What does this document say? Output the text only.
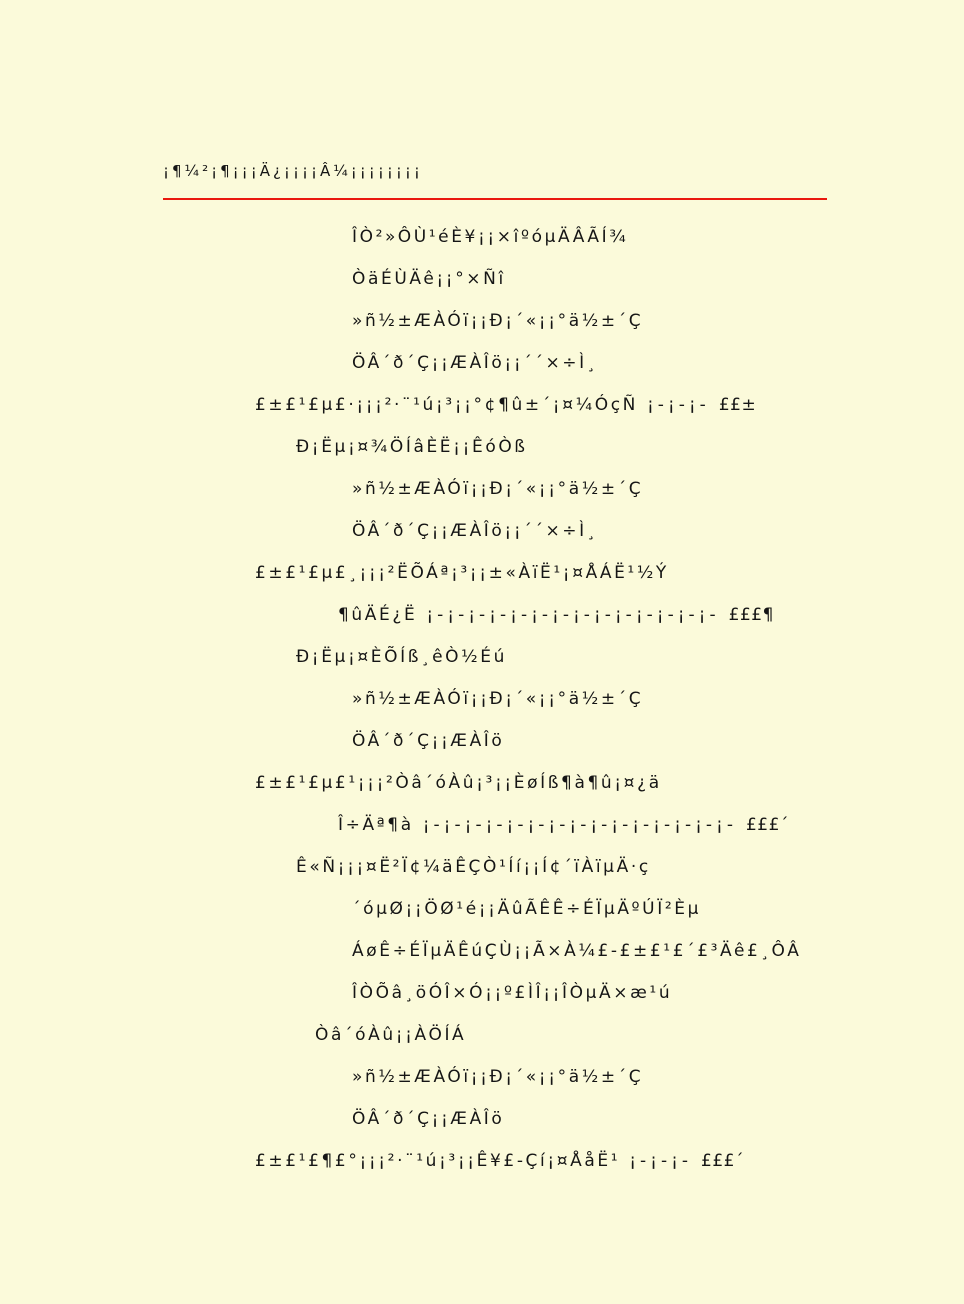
¡¶¼²¡¶¡¡¡Ä¿¡¡¡¡Â¼¡¡¡¡¡¡¡¡
ÎÒ²»ÔÙ¹éÈ¥¡¡×îºóµÄÂÃÍ¾
ÒäÉÙÄê¡¡°×Ñî
»ñ½±ÆÀÓï¡¡Ð¡´«¡¡°ä½±´Ç
ÖÂ´ð´Ç¡¡ÆÀÎö¡¡´´×÷Ì¸
£±£¹£µ£·¡¡¡²·¨¹ú¡³¡¡°¢¶û±´¡¤¼ÓçÑ ¡-¡-¡- ££±
Ð¡Ëµ¡¤¾ÖÍâÈË¡¡ÊóÒß
»ñ½±ÆÀÓï¡¡Ð¡´«¡¡°ä½±´Ç
ÖÂ´ð´Ç¡¡ÆÀÎö¡¡´´×÷Ì¸
£±£¹£µ£¸¡¡¡²ËÕÁª¡³¡¡±«ÀïË¹¡¤ÅÁË¹½Ý
¶ûÄÉ¿Ë ¡-¡-¡-¡-¡-¡-¡-¡-¡-¡-¡-¡-¡-¡- £££¶
Ð¡Ëµ¡¤ÈÕÍß¸êÒ½Éú
»ñ½±ÆÀÓï¡¡Ð¡´«¡¡°ä½±´Ç
ÖÂ´ð´Ç¡¡ÆÀÎö
£±£¹£µ£¹¡¡¡²Òâ´óÀû¡³¡¡ÈøÍß¶à¶û¡¤¿ä
Î÷Äª¶à ¡-¡-¡-¡-¡-¡-¡-¡-¡-¡-¡-¡-¡-¡-¡- £££´
Ê«Ñ¡¡¡¤Ë²Ï¢¼äÊÇÒ¹Íí¡¡Í¢´ïÀïµÄ·ç
´óµØ¡¡ÖØ¹é¡¡ÄûÃÊÊ÷ÉÏµÄºÚÏ²Èµ
ÁøÊ÷ÉÏµÄÊúÇÙ¡¡Ã×À¼£-£±£¹£´£³Äê£¸ÔÂ
ÎÒÕâ¸öÓÎ×Ó¡¡º£ÌÎ¡¡ÎÒµÄ×æ¹ú
Òâ´óÀû¡¡ÀÖÍÁ
»ñ½±ÆÀÓï¡¡Ð¡´«¡¡°ä½±´Ç
ÖÂ´ð´Ç¡¡ÆÀÎö
£±£¹£¶£°¡¡¡²·¨¹ú¡³¡¡Ê¥£-Çí¡¤ÅåË¹ ¡-¡-¡- £££´
